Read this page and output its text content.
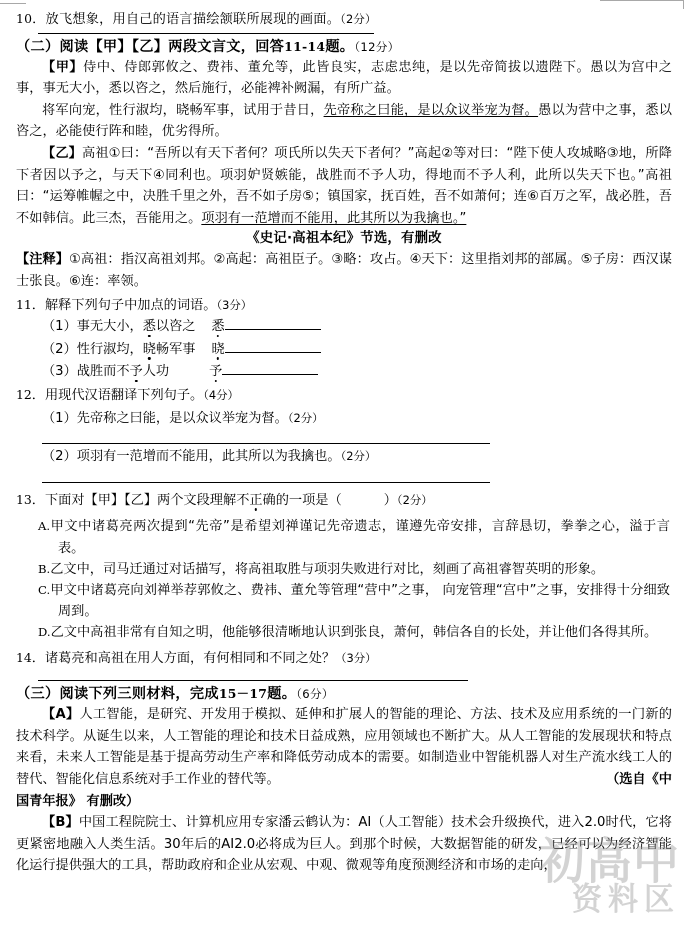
10．放飞想象，用自己的语言描绘颔联所展现的画面。（2分）
（二）阅读【甲】【乙】两段文言文，回答11-14题。（12分）

【甲】侍中、侍郎郭攸之、费祎、董允等，此皆良实，志虑忠纯，是以先帝简拔以遗陛下。愚以为宫中之事，事无大小，悉以咨之，然后施行，必能裨补阙漏，有所广益。

将军向宠，性行淑均，晓畅军事，试用于昔日，先帝称之曰能，是以众议举宠为督。愚以为营中之事，悉以咨之，必能使行阵和睦，优劣得所。

【乙】高祖①曰：“吾所以有天下者何？项氏所以失天下者何？”高起②等对曰：“陛下使人攻城略③地，所降下者因以予之，与天下④同利也。项羽妒贤嫉能，战胜而不予人功，得地而不予人利，此所以失天下也。”高祖曰：“运筹帷幄之中，决胜千里之外，吾不如子房⑤；镇国家，抚百姓，吾不如萧何；连⑥百万之军，战必胜，吾不如韩信。此三杰，吾能用之。项羽有一范增而不能用，此其所以为我擒也。”

《史记·高祖本纪》节选，有删改

【注释】①高祖：指汉高祖刘邦。②高起：高祖臣子。③略：攻占。④天下：这里指刘邦的部属。⑤子房：西汉谋士张良。⑥连：率领。

11．解释下列句子中加点的词语。（3分）
（1）事无大小，悉以咨之 悉
（2）性行淑均，晓畅军事 晓
（3）战胜而不予人功	予
12．用现代汉语翻译下列句子。（4分）
（1）先帝称之曰能，是以众议举宠为督。（2分）
（2）项羽有一范增而不能用，此其所以为我擒也。（2分）
13．下面对【甲】【乙】两个文段理解不正确的一项是（	）（2分）

A.甲文中诸葛亮两次提到“先帝”是希望刘禅谨记先帝遗志，谨遵先帝安排，言辞恳切，拳拳之心，溢于言表。

B.乙文中，司马迁通过对话描写，将高祖取胜与项羽失败进行对比，刻画了高祖睿智英明的形象。

C.甲文中诸葛亮向刘禅举荐郭攸之、费祎、董允等管理“营中”之事， 向宠管理“宫中”之事，安排得十分细致周到。

D.乙文中高祖非常有自知之明，他能够很清晰地认识到张良，萧何，韩信各自的长处，并让他们各得其所。

14．诸葛亮和高祖在用人方面，有何相同和不同之处？（3分）
（三）阅读下列三则材料，完成15－17题。（6分）

【A】人工智能，是研究、开发用于模拟、延伸和扩展人的智能的理论、方法、技术及应用系统的一门新的技术科学。从诞生以来，人工智能的理论和技术日益成熟，应用领域也不断扩大。从人工智能的发展现状和特点来看，未来人工智能是基于提高劳动生产率和降低劳动成本的需要。如制造业中智能机器人对生产流水线工人的替代、智能化信息系统对手工作业的替代等。	（选自《中

国青年报》 有删改）

【B】中国工程院院士、计算机应用专家潘云鹤认为：AI（人工智能）技术会升级换代，进入2.0时代，它将更紧密地融入人类生活。30年后的AI2.0必将成为巨人。到那个时候，大数据智能的研发，已经可以为经济智能化运行提供强大的工具，帮助政府和企业从宏观、中观、微观等角度预测经济和市场的走向，

初高中
资料区
